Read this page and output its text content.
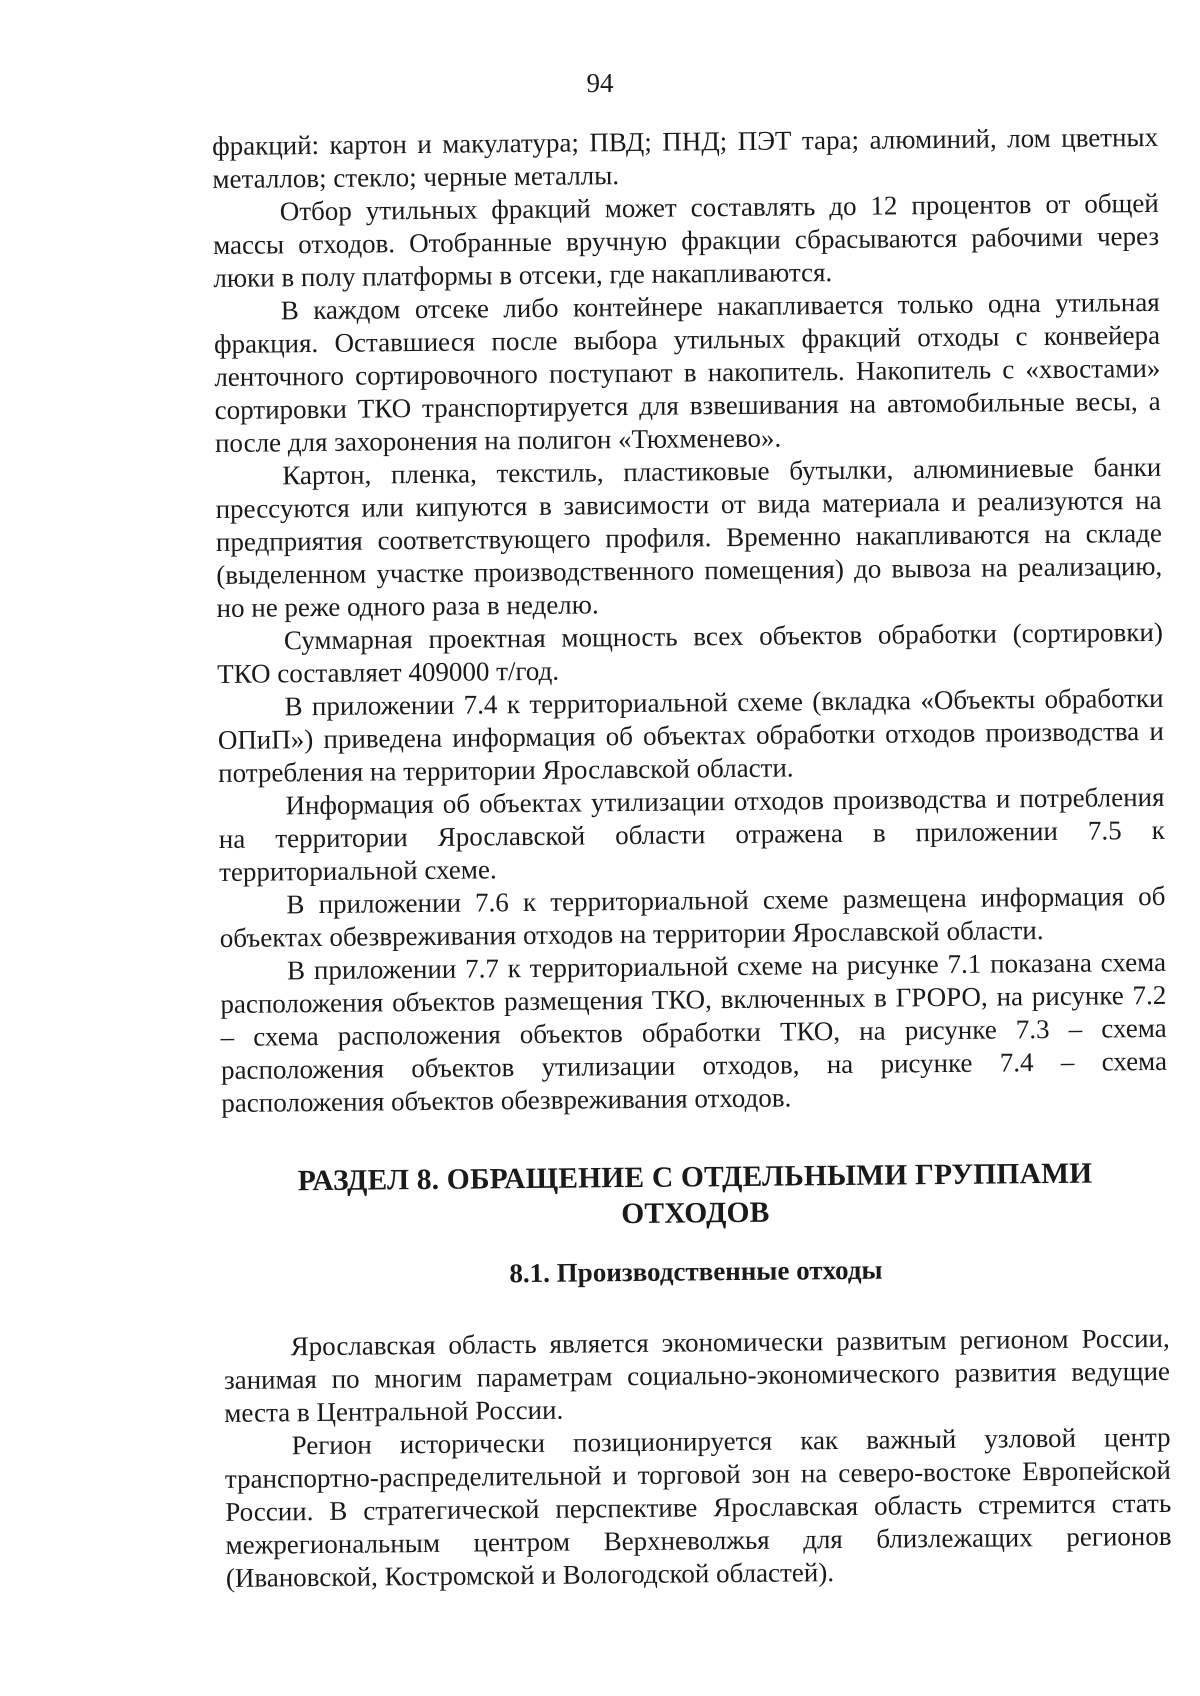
94

фракций: картон и макулатура; ПВД; ПНД; ПЭТ тара; алюминий, лом цветных металлов; стекло; черные металлы.

Отбор утильных фракций может составлять до 12 процентов от общей массы отходов. Отобранные вручную фракции сбрасываются рабочими через люки в полу платформы в отсеки, где накапливаются.

В каждом отсеке либо контейнере накапливается только одна утильная фракция. Оставшиеся после выбора утильных фракций отходы с конвейера ленточного сортировочного поступают в накопитель. Накопитель с «хвостами» сортировки ТКО транспортируется для взвешивания на автомобильные весы, а после для захоронения на полигон «Тюхменево».

Картон, пленка, текстиль, пластиковые бутылки, алюминиевые банки прессуются или кипуются в зависимости от вида материала и реализуются на предприятия соответствующего профиля. Временно накапливаются на складе (выделенном участке производственного помещения) до вывоза на реализацию, но не реже одного раза в неделю.

Суммарная проектная мощность всех объектов обработки (сортировки) ТКО составляет 409000 т/год.

В приложении 7.4 к территориальной схеме (вкладка «Объекты обработки ОПиП») приведена информация об объектах обработки отходов производства и потребления на территории Ярославской области.

Информация об объектах утилизации отходов производства и потребления на территории Ярославской области отражена в приложении 7.5 к территориальной схеме.

В приложении 7.6 к территориальной схеме размещена информация об объектах обезвреживания отходов на территории Ярославской области.

В приложении 7.7 к территориальной схеме на рисунке 7.1 показана схема расположения объектов размещения ТКО, включенных в ГРОРО, на рисунке 7.2 – схема расположения объектов обработки ТКО, на рисунке 7.3 – схема расположения объектов утилизации отходов, на рисунке 7.4 – схема расположения объектов обезвреживания отходов.

РАЗДЕЛ 8. ОБРАЩЕНИЕ С ОТДЕЛЬНЫМИ ГРУППАМИ ОТХОДОВ
8.1. Производственные отходы

Ярославская область является экономически развитым регионом России, занимая по многим параметрам социально-экономического развития ведущие места в Центральной России.

Регион исторически позиционируется как важный узловой центр транспортно-распределительной и торговой зон на северо-востоке Европейской России. В стратегической перспективе Ярославская область стремится стать межрегиональным центром Верхневолжья для близлежащих регионов (Ивановской, Костромской и Вологодской областей).
